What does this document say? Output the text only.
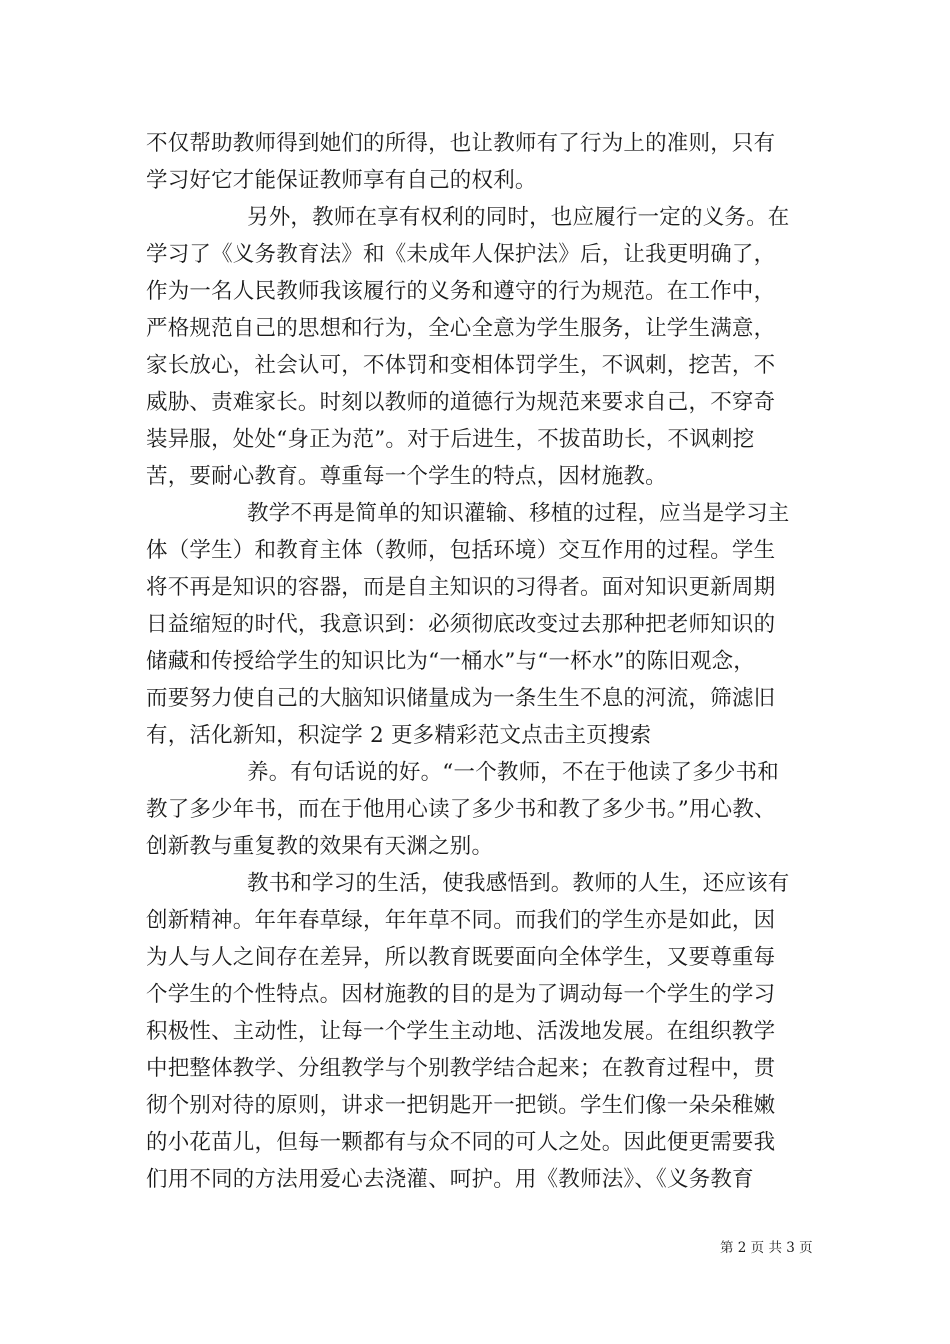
不仅帮助教师得到她们的所得，也让教师有了行为上的准则，只有
学习好它才能保证教师享有自己的权利。
另外，教师在享有权利的同时，也应履行一定的义务。在
学习了《义务教育法》和《未成年人保护法》后，让我更明确了，
作为一名人民教师我该履行的义务和遵守的行为规范。在工作中，
严格规范自己的思想和行为，全心全意为学生服务，让学生满意，
家长放心，社会认可，不体罚和变相体罚学生，不讽刺，挖苦，不
威胁、责难家长。时刻以教师的道德行为规范来要求自己，不穿奇
装异服，处处“身正为范”。对于后进生，不拔苗助长，不讽刺挖
苦，要耐心教育。尊重每一个学生的特点，因材施教。
教学不再是简单的知识灌输、移植的过程，应当是学习主
体（学生）和教育主体（教师，包括环境）交互作用的过程。学生
将不再是知识的容器，而是自主知识的习得者。面对知识更新周期
日益缩短的时代，我意识到：必须彻底改变过去那种把老师知识的
储藏和传授给学生的知识比为“一桶水”与“一杯水”的陈旧观念，
而要努力使自己的大脑知识储量成为一条生生不息的河流，筛滤旧
有，活化新知，积淀学 2 更多精彩范文点击主页搜索
养。有句话说的好。“一个教师，不在于他读了多少书和
教了多少年书，而在于他用心读了多少书和教了多少书。”用心教、
创新教与重复教的效果有天渊之别。
教书和学习的生活，使我感悟到。教师的人生，还应该有
创新精神。年年春草绿，年年草不同。而我们的学生亦是如此，因
为人与人之间存在差异，所以教育既要面向全体学生，又要尊重每
个学生的个性特点。因材施教的目的是为了调动每一个学生的学习
积极性、主动性，让每一个学生主动地、活泼地发展。在组织教学
中把整体教学、分组教学与个别教学结合起来；在教育过程中，贯
彻个别对待的原则，讲求一把钥匙开一把锁。学生们像一朵朵稚嫩
的小花苗儿，但每一颗都有与众不同的可人之处。因此便更需要我
们用不同的方法用爱心去浇灌、呵护。用《教师法》、《义务教育
第 2 页 共 3 页
